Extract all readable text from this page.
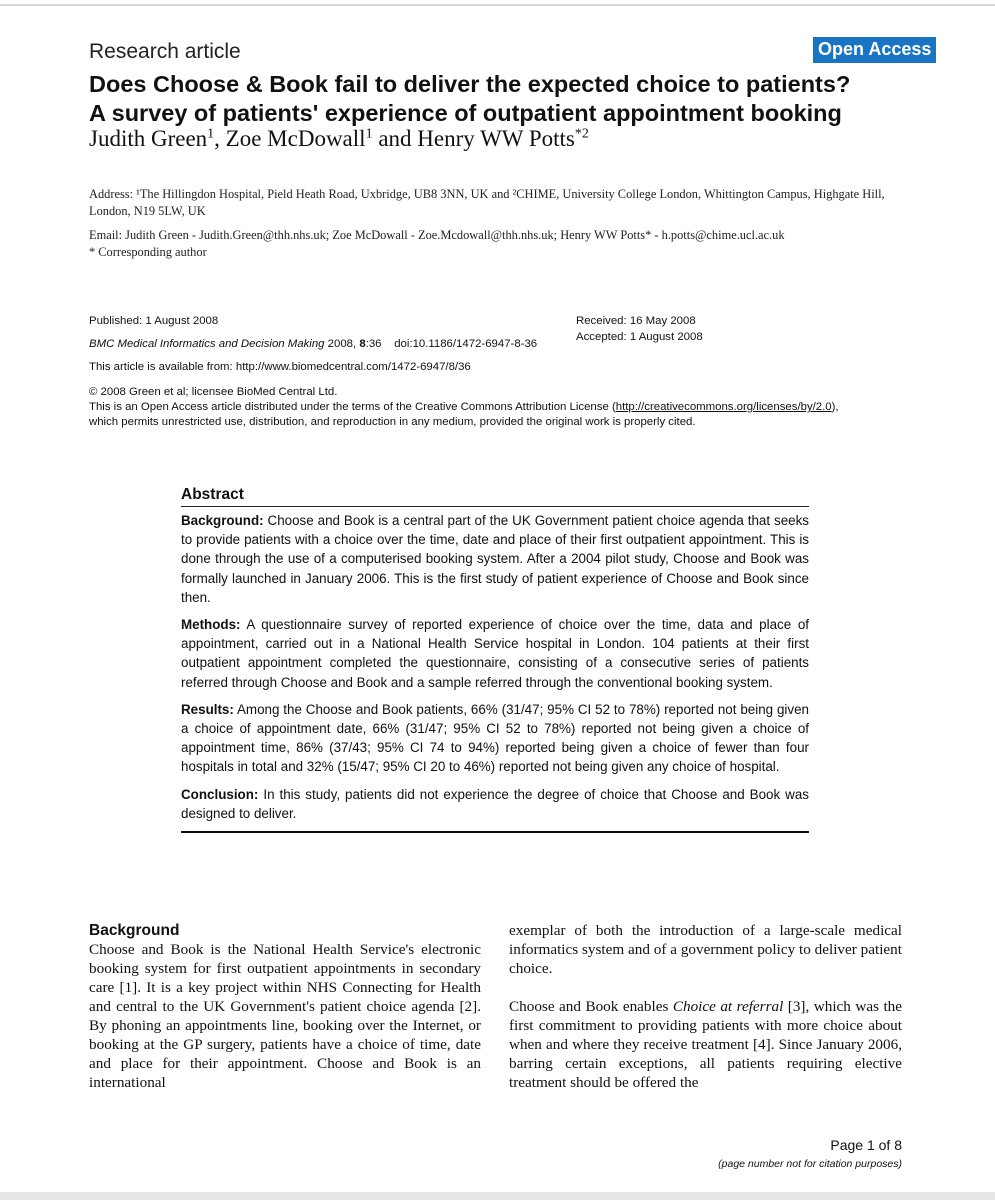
Research article	Open Access
Does Choose & Book fail to deliver the expected choice to patients?
A survey of patients' experience of outpatient appointment booking
Judith Green$^1$, Zoe McDowall$^1$ and Henry WW Potts$^{*2}$
Address: ¹The Hillingdon Hospital, Pield Heath Road, Uxbridge, UB8 3NN, UK and ²CHIME, University College London, Whittington Campus, Highgate Hill, London, N19 5LW, UK
Email: Judith Green - Judith.Green@thh.nhs.uk; Zoe McDowall - Zoe.Mcdowall@thh.nhs.uk; Henry WW Potts* - h.potts@chime.ucl.ac.uk
* Corresponding author
Published: 1 August 2008
BMC Medical Informatics and Decision Making 2008, 8:36 doi:10.1186/1472-6947-8-36
This article is available from: http://www.biomedcentral.com/1472-6947/8/36
Received: 16 May 2008
Accepted: 1 August 2008
© 2008 Green et al; licensee BioMed Central Ltd.
This is an Open Access article distributed under the terms of the Creative Commons Attribution License (http://creativecommons.org/licenses/by/2.0),
which permits unrestricted use, distribution, and reproduction in any medium, provided the original work is properly cited.
Abstract

Background: Choose and Book is a central part of the UK Government patient choice agenda that seeks to provide patients with a choice over the time, date and place of their first outpatient appointment. This is done through the use of a computerised booking system. After a 2004 pilot study, Choose and Book was formally launched in January 2006. This is the first study of patient experience of Choose and Book since then.

Methods: A questionnaire survey of reported experience of choice over the time, data and place of appointment, carried out in a National Health Service hospital in London. 104 patients at their first outpatient appointment completed the questionnaire, consisting of a consecutive series of patients referred through Choose and Book and a sample referred through the conventional booking system.

Results: Among the Choose and Book patients, 66% (31/47; 95% CI 52 to 78%) reported not being given a choice of appointment date, 66% (31/47; 95% CI 52 to 78%) reported not being given a choice of appointment time, 86% (37/43; 95% CI 74 to 94%) reported being given a choice of fewer than four hospitals in total and 32% (15/47; 95% CI 20 to 46%) reported not being given any choice of hospital.

Conclusion: In this study, patients did not experience the degree of choice that Choose and Book was designed to deliver.

Background

Choose and Book is the National Health Service's electronic booking system for first outpatient appointments in secondary care [1]. It is a key project within NHS Connecting for Health and central to the UK Government's patient choice agenda [2]. By phoning an appointments line, booking over the Internet, or booking at the GP surgery, patients have a choice of time, date and place for their appointment. Choose and Book is an international

exemplar of both the introduction of a large-scale medical informatics system and of a government policy to deliver patient choice.

Choose and Book enables Choice at referral [3], which was the first commitment to providing patients with more choice about when and where they receive treatment [4]. Since January 2006, barring certain exceptions, all patients requiring elective treatment should be offered the

Page 1 of 8
(page number not for citation purposes)
